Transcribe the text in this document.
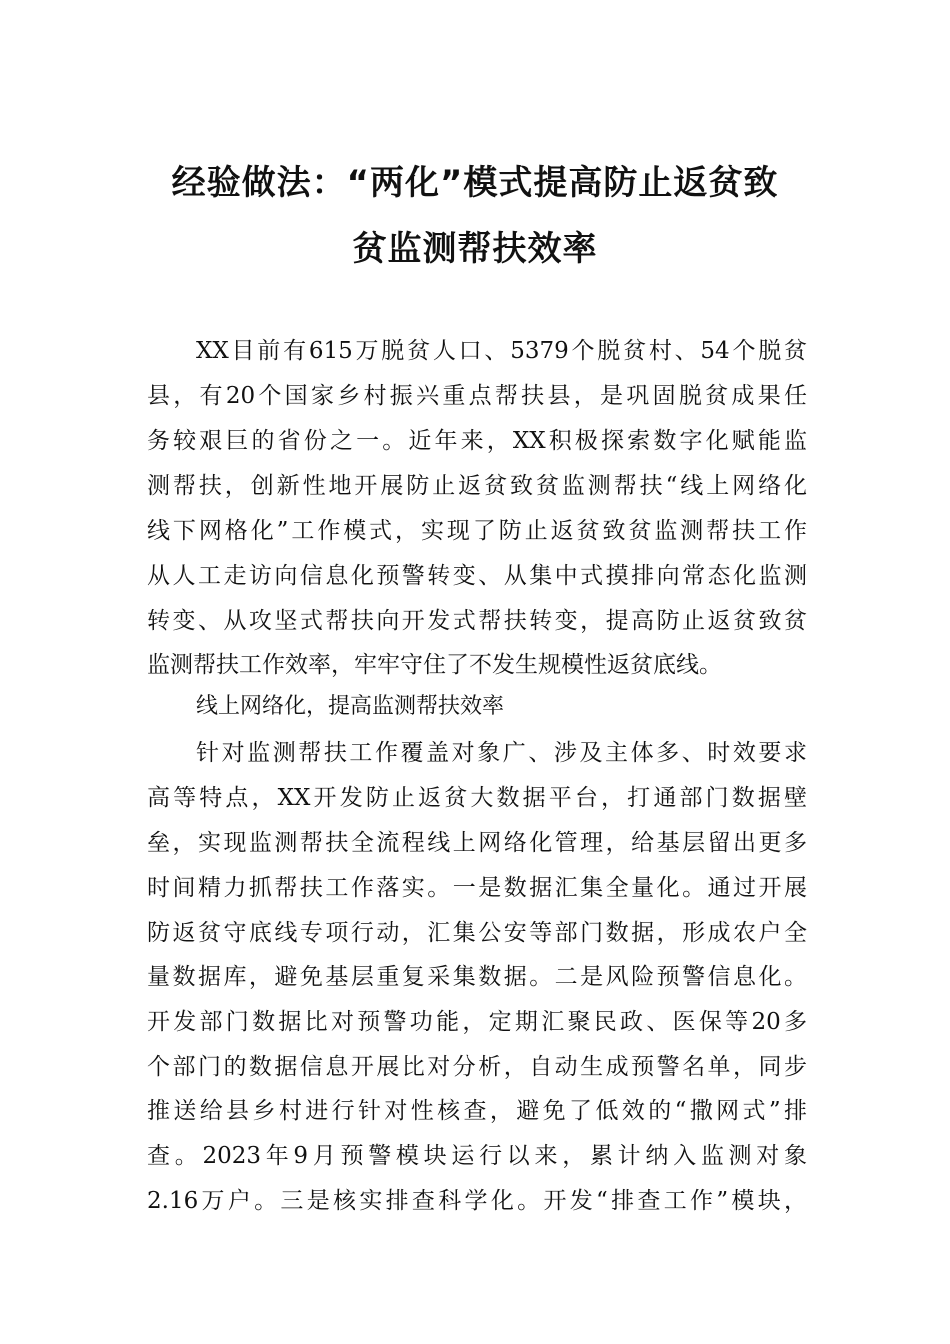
经验做法：“两化”模式提高防止返贫致
贫监测帮扶效率
XX目前有615万脱贫人口、5379个脱贫村、54个脱贫
县，有20个国家乡村振兴重点帮扶县，是巩固脱贫成果任
务较艰巨的省份之一。近年来，XX积极探索数字化赋能监
测帮扶，创新性地开展防止返贫致贫监测帮扶“线上网络化
线下网格化”工作模式，实现了防止返贫致贫监测帮扶工作
从人工走访向信息化预警转变、从集中式摸排向常态化监测
转变、从攻坚式帮扶向开发式帮扶转变，提高防止返贫致贫
监测帮扶工作效率，牢牢守住了不发生规模性返贫底线。
线上网络化，提高监测帮扶效率
针对监测帮扶工作覆盖对象广、涉及主体多、时效要求
高等特点，XX开发防止返贫大数据平台，打通部门数据壁
垒，实现监测帮扶全流程线上网络化管理，给基层留出更多
时间精力抓帮扶工作落实。一是数据汇集全量化。通过开展
防返贫守底线专项行动，汇集公安等部门数据，形成农户全
量数据库，避免基层重复采集数据。二是风险预警信息化。
开发部门数据比对预警功能，定期汇聚民政、医保等20多
个部门的数据信息开展比对分析，自动生成预警名单，同步
推送给县乡村进行针对性核查，避免了低效的“撒网式”排
查。2023年9月预警模块运行以来，累计纳入监测对象
2.16万户。三是核实排查科学化。开发“排查工作”模块，
